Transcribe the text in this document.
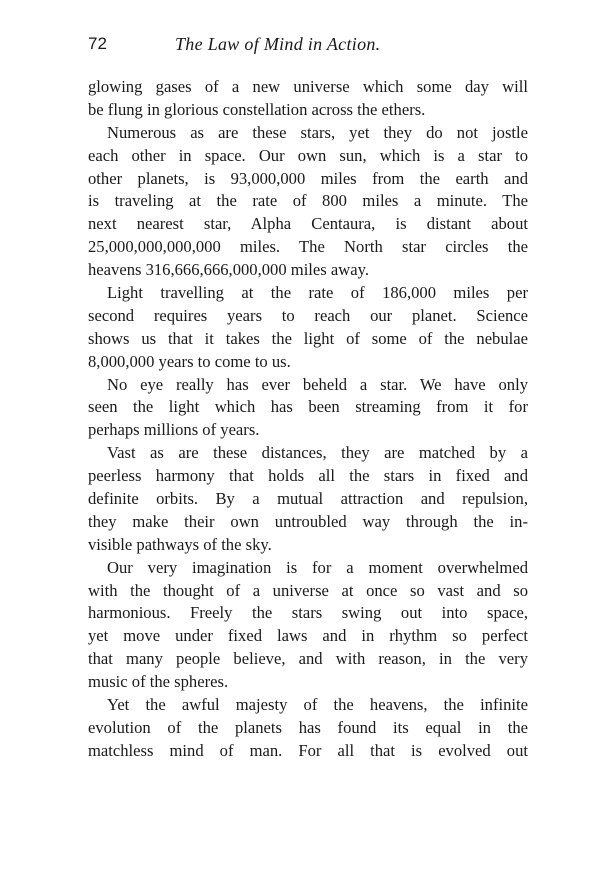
72	The Law of Mind in Action.
glowing gases of a new universe which some day will
be flung in glorious constellation across the ethers.
Numerous as are these stars, yet they do not jostle
each other in space. Our own sun, which is a star to
other planets, is 93,000,000 miles from the earth and
is traveling at the rate of 800 miles a minute. The
next nearest star, Alpha Centaura, is distant about
25,000,000,000,000 miles. The North star circles the
heavens 316,666,666,000,000 miles away.
Light travelling at the rate of 186,000 miles per
second requires years to reach our planet. Science
shows us that it takes the light of some of the nebulae
8,000,000 years to come to us.
No eye really has ever beheld a star. We have only
seen the light which has been streaming from it for
perhaps millions of years.
Vast as are these distances, they are matched by a
peerless harmony that holds all the stars in fixed and
definite orbits. By a mutual attraction and repulsion,
they make their own untroubled way through the in-
visible pathways of the sky.
Our very imagination is for a moment overwhelmed
with the thought of a universe at once so vast and so
harmonious. Freely the stars swing out into space,
yet move under fixed laws and in rhythm so perfect
that many people believe, and with reason, in the very
music of the spheres.
Yet the awful majesty of the heavens, the infinite
evolution of the planets has found its equal in the
matchless mind of man. For all that is evolved out
